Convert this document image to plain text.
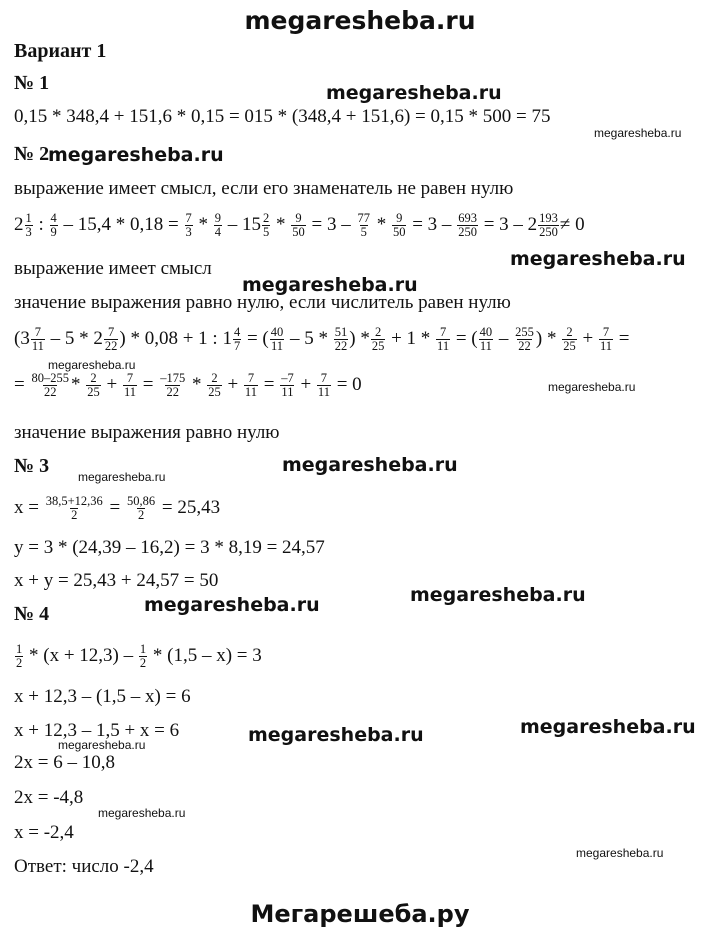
megaresheba.ru
Мегарешеба.ру
Вариант 1
№ 1	megaresheba.ru
0,15 * 348,4 + 151,6 * 0,15 = 015 * (348,4 + 151,6) = 0,15 * 500 = 75
megaresheba.ru
№ 2
megaresheba.ru
выражение имеет смысл, если его знаменатель не равен нулю
$2 \frac{1}{3}$ : $\frac{4}{9} - 15,4 * 0,18 = \frac{7}{3} * \frac{9}{4} - 15 \frac{2}{5} * \frac{9}{50} = 3 - \frac{77}{5} * \frac{9}{50} = 3 - \frac{693}{250} = 3 - 2 \frac{193}{250} \ne 0$
выражение имеет смысл
megaresheba.ru
megaresheba.ru
значение выражения равно нулю, если числитель равен нулю
($3 \frac{7}{11} - 5 * 2 \frac{7}{22}$ ) * 0,08 + 1 : $1 \frac{4}{7}$ = ( $\frac{40}{11} - 5 * \frac{51}{22}$ ) * $\frac{2}{25} + 1 * \frac{7}{11}$ = ( $\frac{40}{11} - \frac{255}{22}$ ) * $\frac{2}{25} + \frac{7}{11}$ =
megaresheba.ru
= $\frac{80-255}{22} * \frac{2}{25} + \frac{7}{11} = \frac{-175}{22} * \frac{2}{25} + \frac{7}{11} = \frac{-7}{11} + \frac{7}{11} = 0$	megaresheba.ru
значение выражения равно нулю
№ 3 megaresheba.ru
megaresheba.ru
$x = \frac{38,5+12,36}{2} = \frac{50,86}{2} = 25,43$
y = 3 * (24,39 – 16,2) = 3 * 8,19 = 24,57
x + y = 25,43 + 24,57 = 50
megaresheba.ru
№ 4	megaresheba.ru
$\frac{1}{2} * (x + 12,3) - \frac{1}{2} * (1,5 - x) = 3$
x + 12,3 – (1,5 – x) = 6
x + 12,3 – 1,5 + x = 6	megaresheba.ru	megaresheba.ru
megaresheba.ru
2x = 6 – 10,8
2x = -4,8
megaresheba.ru
x = -2,4
megaresheba.ru
Ответ: число -2,4
